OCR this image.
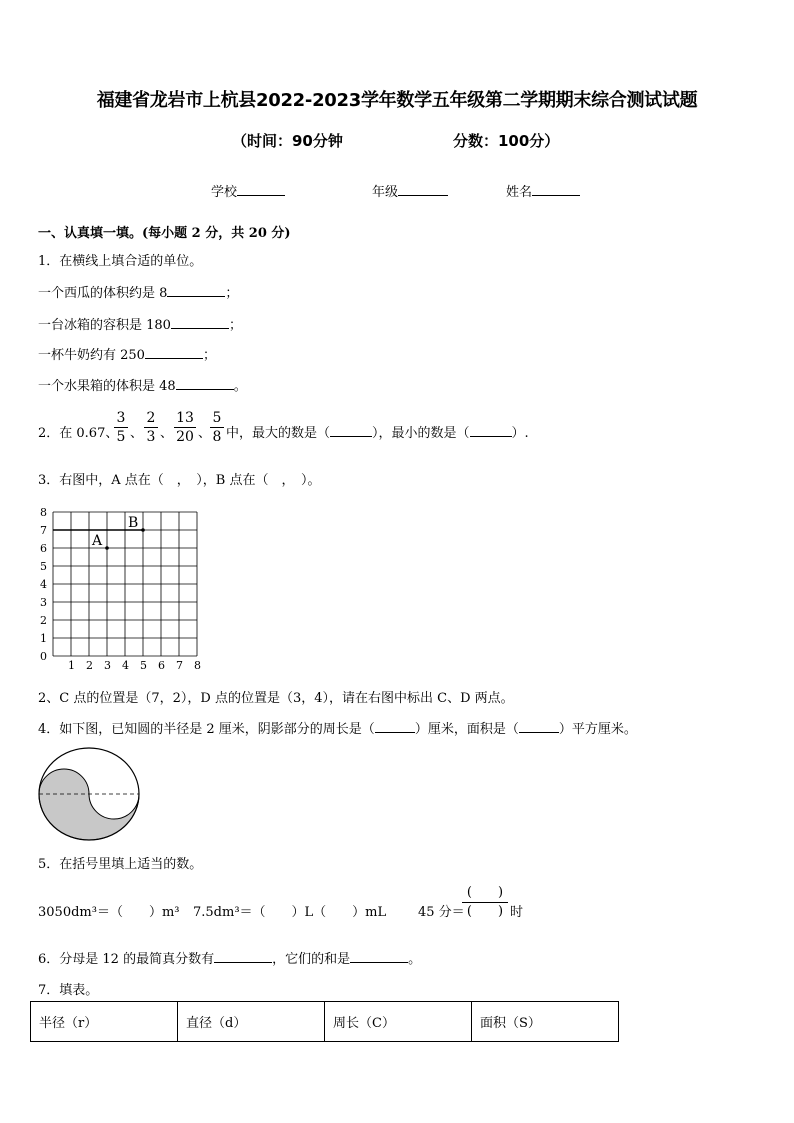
福建省龙岩市上杭县2022-2023学年数学五年级第二学期期末综合测试试题
（时间：90分钟	分数：100分）
学校	年级	姓名
一、认真填一填。(每小题 2 分，共 20 分)
1．在横线上填合适的单位。
一个西瓜的体积约是 8	；
一台冰箱的容积是 180	；
一杯牛奶约有 250	；
一个水果箱的体积是 48	。
2．在 0.67、
3
5 、
2
3 、
13
20 、
5
8 中，最大的数是（	），最小的数是（	）.
3．右图中，A 点在（　，　），B 点在（　，　）。
1 2 3 4 5 6 7 8
0
1
2
3
4
5
6
7
8
A
B
2、C 点的位置是（7，2），D 点的位置是（3，4），请在右图中标出 C、D 两点。
4．如下图，已知圆的半径是 2 厘米，阴影部分的周长是（	）厘米，面积是（	）平方厘米。
5．在括号里填上适当的数。
3050dm³＝（　　）m³ 7.5dm³＝（　　）L（　　）mL 45 分＝
(　　)
(　　) 时
6．分母是 12 的最简真分数有	，它们的和是	。
7．填表。
半径（r）	直径（d）	周长（C）	面积（S）
